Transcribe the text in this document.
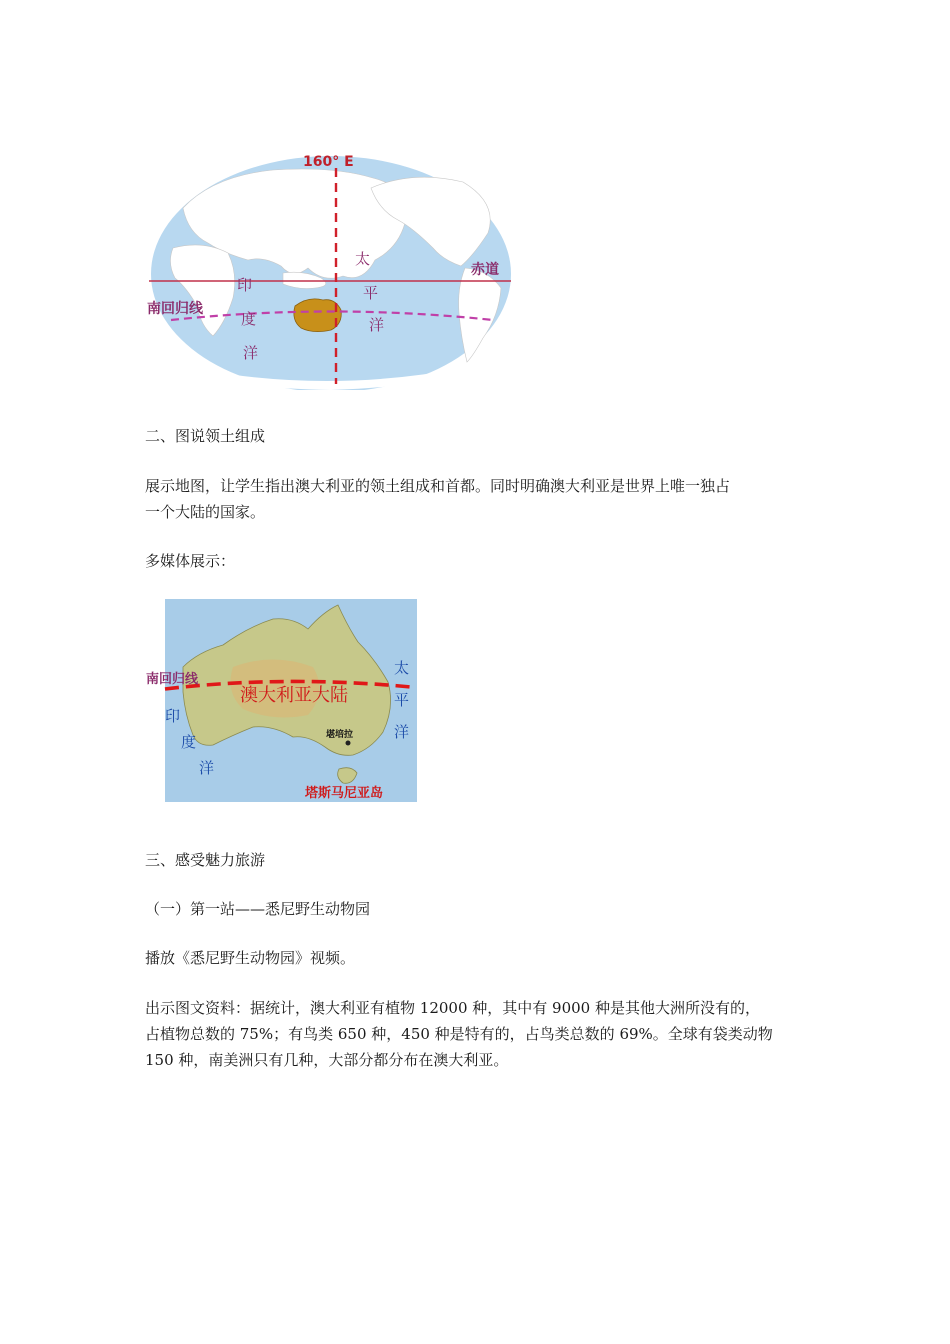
160° E
赤道
南回归线
印
度
洋
太
平
洋

二、图说领土组成

展示地图，让学生指出澳大利亚的领土组成和首都。同时明确澳大利亚是世界上唯一独占

一个大陆的国家。

多媒体展示：

南回归线
澳大利亚大陆
印
度
洋
太
平
洋
堪培拉
塔斯马尼亚岛

三、感受魅力旅游

（一）第一站——悉尼野生动物园

播放《悉尼野生动物园》视频。

出示图文资料：据统计，澳大利亚有植物 12000 种，其中有 9000 种是其他大洲所没有的，

占植物总数的 75%；有鸟类 650 种，450 种是特有的，占鸟类总数的 69%。全球有袋类动物

150 种，南美洲只有几种，大部分都分布在澳大利亚。
